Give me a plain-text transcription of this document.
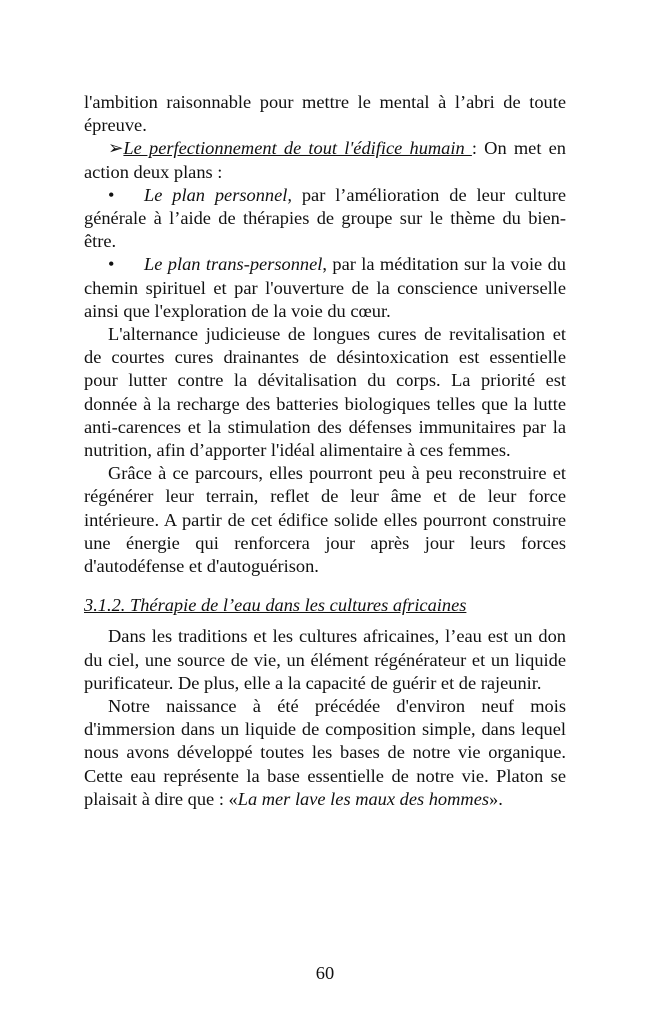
l'ambition raisonnable pour mettre le mental à l’abri de toute épreuve.

➢Le perfectionnement de tout l'édifice humain : On met en action deux plans :

• Le plan personnel, par l’amélioration de leur culture générale à l’aide de thérapies de groupe sur le thème du bien-être.

• Le plan trans-personnel, par la méditation sur la voie du chemin spirituel et par l'ouverture de la conscience universelle ainsi que l'exploration de la voie du cœur.

L'alternance judicieuse de longues cures de revitalisation et de courtes cures drainantes de désintoxication est essentielle pour lutter contre la dévitalisation du corps. La priorité est donnée à la recharge des batteries biologiques telles que la lutte anti-carences et la stimulation des défenses immunitaires par la nutrition, afin d’apporter l'idéal alimentaire à ces femmes.

Grâce à ce parcours, elles pourront peu à peu reconstruire et régénérer leur terrain, reflet de leur âme et de leur force intérieure. A partir de cet édifice solide elles pourront construire une énergie qui renforcera jour après jour leurs forces d'autodéfense et d'autoguérison.

3.1.2. Thérapie de l’eau dans les cultures africaines

Dans les traditions et les cultures africaines, l’eau est un don du ciel, une source de vie, un élément régénérateur et un liquide purificateur. De plus, elle a la capacité de guérir et de rajeunir.

Notre naissance à été précédée d'environ neuf mois d'immersion dans un liquide de composition simple, dans lequel nous avons développé toutes les bases de notre vie organique. Cette eau représente la base essentielle de notre vie. Platon se plaisait à dire que : «La mer lave les maux des hommes».

60
